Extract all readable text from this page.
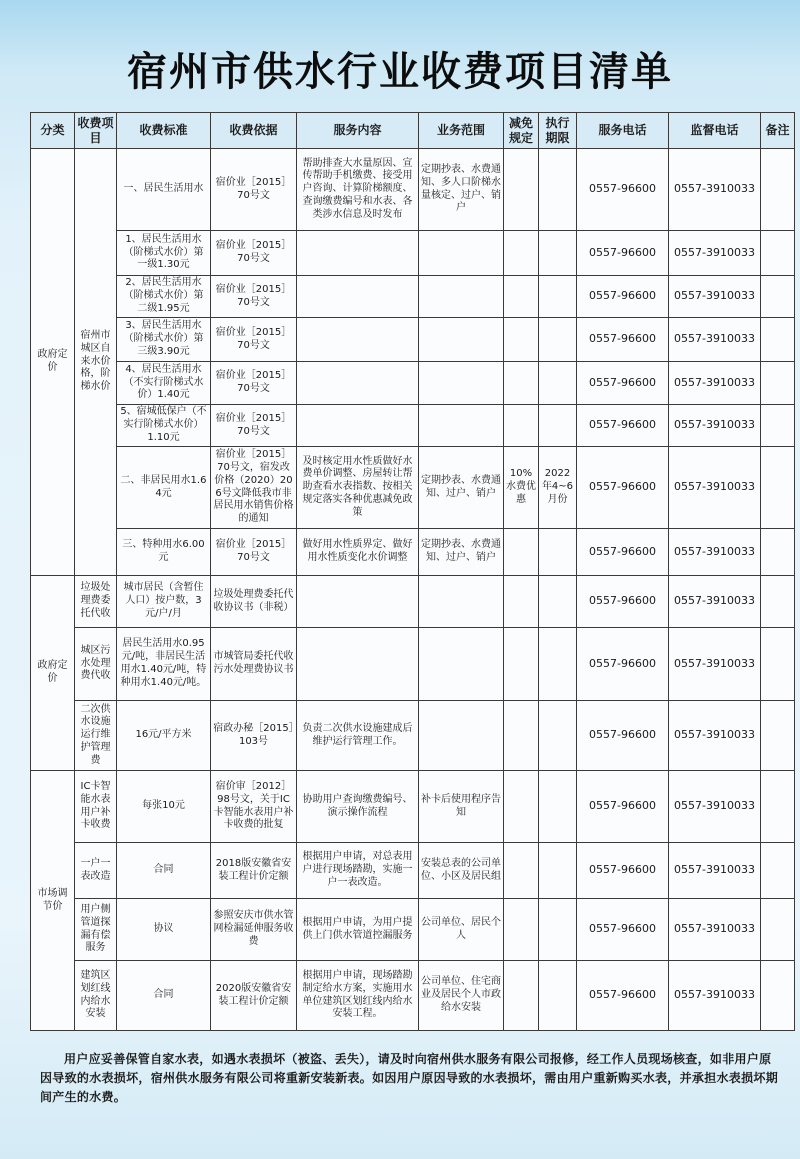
宿州市供水行业收费项目清单
分类	收费项目	收费标准	收费依据	服务内容	业务范围	减免规定	执行期限	服务电话	监督电话	备注
政府定价	宿州市城区自来水价格，阶梯水价	一、居民生活用水	宿价业［2015］70号文	帮助排查大水量原因、宣传帮助手机缴费、接受用户咨询、计算阶梯额度、查询缴费编号和水表、各类涉水信息及时发布	定期抄表、水费通知、多人口阶梯水量核定、过户、销户			0557-96600	0557-3910033	
		1、居民生活用水（阶梯式水价）第一级1.30元	宿价业［2015］70号文					0557-96600	0557-3910033	
		2、居民生活用水（阶梯式水价）第二级1.95元	宿价业［2015］70号文					0557-96600	0557-3910033	
		3、居民生活用水（阶梯式水价）第三级3.90元	宿价业［2015］70号文					0557-96600	0557-3910033	
		4、居民生活用水（不实行阶梯式水价）1.40元	宿价业［2015］70号文					0557-96600	0557-3910033	
		5、宿城低保户（不实行阶梯式水价）1.10元	宿价业［2015］70号文					0557-96600	0557-3910033	
		二、非居民用水1.64元	宿价业［2015］70号文，宿发改价格（2020）206号文降低我市非居民用水销售价格的通知	及时核定用水性质做好水费单价调整、房屋转让帮助查看水表指数、按相关规定落实各种优惠减免政策	定期抄表、水费通知、过户、销户	10%水费优惠	2022年4~6月份	0557-96600	0557-3910033	
		三、特种用水6.00元	宿价业［2015］70号文	做好用水性质界定、做好用水性质变化水价调整	定期抄表、水费通知、过户、销户			0557-96600	0557-3910033	
政府定价	垃圾处理费委托代收	城市居民（含暂住人口）按户数，3元/户/月	垃圾处理费委托代收协议书（非税）					0557-96600	0557-3910033	
	城区污水处理费代收	居民生活用水0.95元/吨，非居民生活用水1.40元/吨，特种用水1.40元/吨。	市城管局委托代收污水处理费协议书					0557-96600	0557-3910033	
	二次供水设施运行维护管理费	16元/平方米	宿政办秘［2015］103号	负责二次供水设施建成后维护运行管理工作。				0557-96600	0557-3910033	
市场调节价	IC卡智能水表用户补卡收费	每张10元	宿价审［2012］98号文，关于IC卡智能水表用户补卡收费的批复	协助用户查询缴费编号、演示操作流程	补卡后使用程序告知			0557-96600	0557-3910033	
	一户一表改造	合同	2018版安徽省安装工程计价定额	根据用户申请，对总表用户进行现场踏勘，实施一户一表改造。	安装总表的公司单位、小区及居民组			0557-96600	0557-3910033	
	用户侧管道探漏有偿服务	协议	参照安庆市供水管网检漏延伸服务收费	根据用户申请，为用户提供上门供水管道控漏服务	公司单位、居民个人			0557-96600	0557-3910033	
	建筑区划红线内给水安装	合同	2020版安徽省安装工程计价定额	根据用户申请，现场踏勘制定给水方案，实施用水单位建筑区划红线内给水安装工程。	公司单位、住宅商业及居民个人市政给水安装			0557-96600	0557-3910033	
用户应妥善保管自家水表，如遇水表损坏（被盗、丢失），请及时向宿州供水服务有限公司报修，经工作人员现场核查，如非用户原因导致的水表损坏，宿州供水服务有限公司将重新安装新表。如因用户原因导致的水表损坏，需由用户重新购买水表，并承担水表损坏期间产生的水费。
